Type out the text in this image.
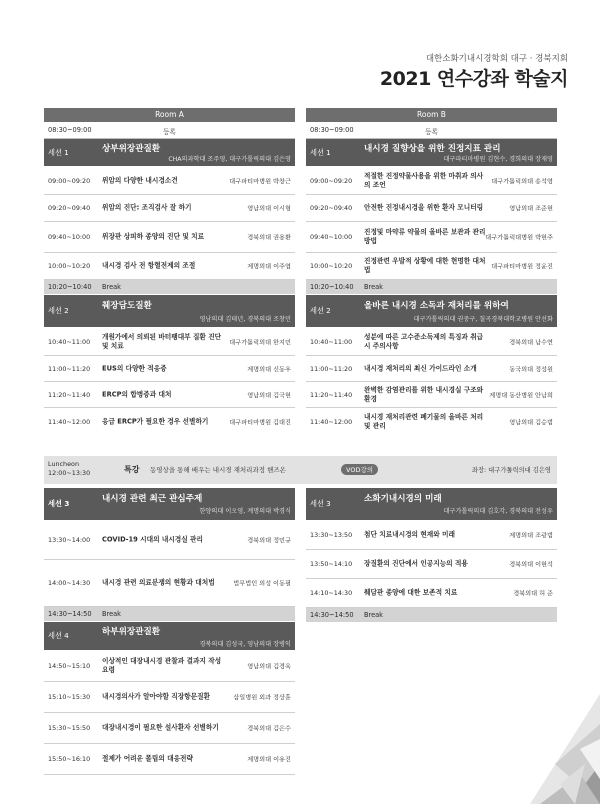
대한소화기내시경학회 대구 · 경북지회
2021 연수강좌 학술지
Room A
08:30~09:00	등록
세션 1	상부위장관질환
CHA의과학대 조주영, 대구가톨릭의대 김은영
09:00~09:20 위암의 다양한 내시경소견	대구파티마병원 박창근
09:20~09:40 위암의 진단: 조직검사 잘 하기	영남의대 이시형
09:40~10:00 위장관 상피하 종양의 진단 및 치료	경북의대 권용환
10:00~10:20 내시경 검사 전 항혈전제의 조절	계명의대 이주엽
10:20~10:40 Break
세션 2	췌장담도질환
영남의대 김태년, 경북의대 조창민
10:40~11:00
개원가에서 의뢰된 바터팽대부 질환 진단 및 치료	대구가톨릭의대 한지민
11:00~11:20 EUS의 다양한 적응증	계명의대 신동우
11:20~11:40 ERCP의 합병증과 대처	영남의대 김국현
11:40~12:00 응급 ERCP가 필요한 경우 선별하기	대구파티마병원 김대진
세션 3	내시경 관련 최근 관심주제
한양의대 이오영, 계명의대 박경식
13:30~14:00 COVID-19 시대의 내시경실 관리	경북의대 정민규
14:00~14:30 내시경 관련 의료분쟁의 현황과 대처법	법무법인 의성 이동필
14:30~14:50 Break
세션 4	하부위장관질환
경북의대 김성국, 영남의대 장병익
14:50~15:10
이상적인 대장내시경 관찰과 결과지 작성요령	영남의대 김경욱
15:10~15:30 내시경의사가 알아야할 직장항문질환	삼일병원 외과 정상훈
15:30~15:50 대장내시경이 필요한 설사환자 선별하기	경북의대 김은수
15:50~16:10 절제가 어려운 폴립의 대응전략	계명의대 이유진
Room B
08:30~09:00	등록
세션 1	내시경 질향상을 위한 진정지표 관리
대구파티마병원 김현수, 경희의대 장재영
09:00~09:20
적절한 진정약물사용을 위한 마취과 의사의 조언	대구가톨릭의대 송석영
09:20~09:40 안전한 진정내시경을 위한 환자 모니터링	영남의대 조준현
09:40~10:00
진정및 마약류 약물의 올바른 보관과 관리방법	대구가톨릭대병원 박현주
10:00~10:20
진정관련 우발적 상황에 대한 현명한 대처법	대구파티마병원 정윤진
10:20~10:40 Break
세션 2	올바른 내시경 소독과 재처리를 위하여
대구가톨릭의대 권중구, 칠곡경북대학교병원 안선화
10:40~11:00
성분에 따른 고수준소독제의 특징과 취급시 주의사항	경북의대 남수연
11:00~11:20 내시경 재처리의 최신 가이드라인 소개	동국의대 정성원
11:20~11:40
완벽한 감염관리를 위한 내시경실 구조와 환경	계명대 동산병원 안남희
11:40~12:00
내시경 재처리관련 폐기물의 올바른 처리 및 관리	영남의대 김승범
세션 3	소화기내시경의 미래
대구가톨릭의대 김호각, 경북의대 전성우
13:30~13:50 첨단 치료내시경의 현재와 미래	계명의대 조광범
13:50~14:10 장질환의 진단에서 인공지능의 적용	경북의대 이현석
14:10~14:30 췌담관 종양에 대한 보존적 치료	경북의대 허 준
14:30~14:50 Break
Luncheon
12:00~13:30	특강 동영상을 통해 배우는 내시경 재처리과정 핸즈온	VOD강의	좌장: 대구가톨릭의대 김은영
